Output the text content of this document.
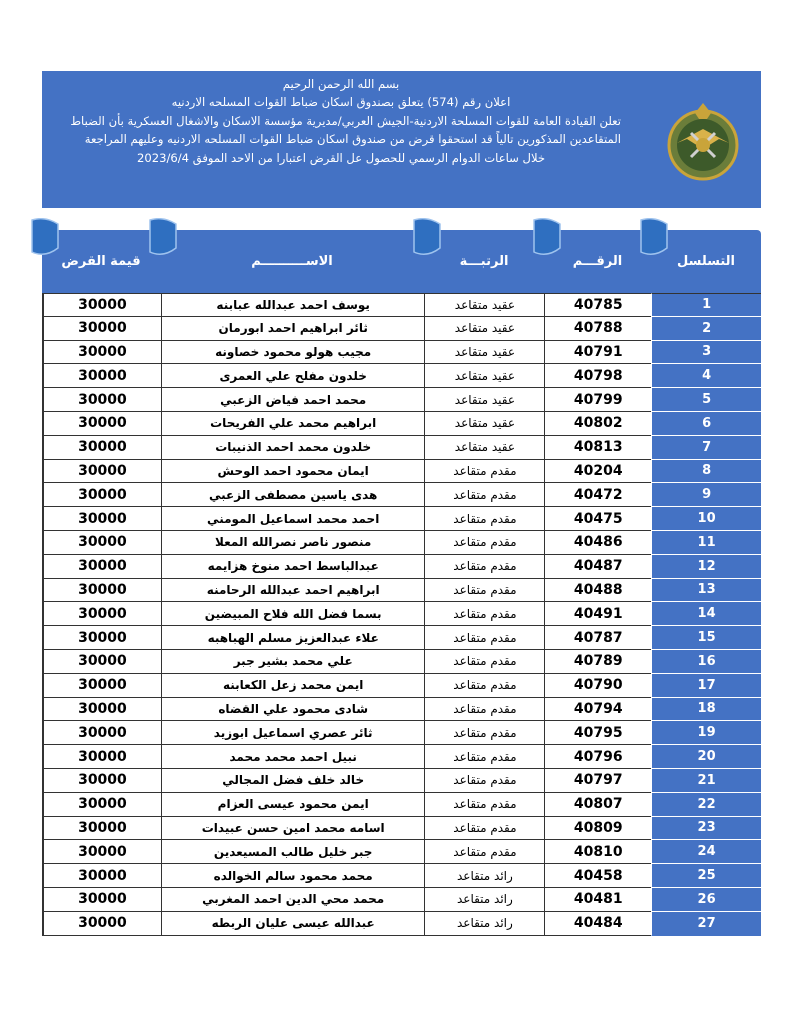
بسم الله الرحمن الرحيم
اعلان رقم (574) يتعلق بصندوق اسكان ضباط القوات المسلحه الاردنيه
تعلن القيادة العامة للقوات المسلحة الاردنية-الجيش العربي/مديرية مؤسسة الاسكان والاشغال العسكرية بأن الضباط
المتقاعدين المذكورين تالياً قد استحقوا قرض من صندوق اسكان ضباط القوات المسلحه الاردنيه وعليهم المراجعة
خلال ساعات الدوام الرسمي للحصول عل القرض اعتبارا من الاحد الموفق 2023/6/4
التسلسل
الرقـــم
الرتبـــة
الاســــــــــم
قيمة القرض
1
40785
عقيد متقاعد
يوسف احمد عبدالله عبابنه
30000
2
40788
عقيد متقاعد
ثائر ابراهيم احمد ابورمان
30000
3
40791
عقيد متقاعد
مجيب هولو محمود خصاونه
30000
4
40798
عقيد متقاعد
خلدون مفلح علي العمرى
30000
5
40799
عقيد متقاعد
محمد احمد فياض الزعبي
30000
6
40802
عقيد متقاعد
ابراهيم محمد علي الفريحات
30000
7
40813
عقيد متقاعد
خلدون محمد احمد الذنيبات
30000
8
40204
مقدم متقاعد
ايمان محمود احمد الوحش
30000
9
40472
مقدم متقاعد
هدى ياسين مصطفى الزعبي
30000
10
40475
مقدم متقاعد
احمد محمد اسماعيل المومني
30000
11
40486
مقدم متقاعد
منصور ناصر نصرالله المعلا
30000
12
40487
مقدم متقاعد
عبدالباسط احمد منوخ هزايمه
30000
13
40488
مقدم متقاعد
ابراهيم احمد عبدالله الرحامنه
30000
14
40491
مقدم متقاعد
بسما فضل الله فلاح المبيضين
30000
15
40787
مقدم متقاعد
علاء عبدالعزيز مسلم الهباهبه
30000
16
40789
مقدم متقاعد
علي محمد بشير جبر
30000
17
40790
مقدم متقاعد
ايمن محمد زعل الكعابنه
30000
18
40794
مقدم متقاعد
شادى محمود علي القضاه
30000
19
40795
مقدم متقاعد
ثائر عصري اسماعيل ابوزيد
30000
20
40796
مقدم متقاعد
نبيل احمد محمد محمد
30000
21
40797
مقدم متقاعد
خالد خلف فضل المجالي
30000
22
40807
مقدم متقاعد
ايمن محمود عيسى العزام
30000
23
40809
مقدم متقاعد
اسامه محمد امين حسن عبيدات
30000
24
40810
مقدم متقاعد
جبر خليل طالب المسيعدين
30000
25
40458
رائد متقاعد
محمد محمود سالم الخوالده
30000
26
40481
رائد متقاعد
محمد محي الدين احمد المغربي
30000
27
40484
رائد متقاعد
عبدالله عيسى عليان الربطه
30000
